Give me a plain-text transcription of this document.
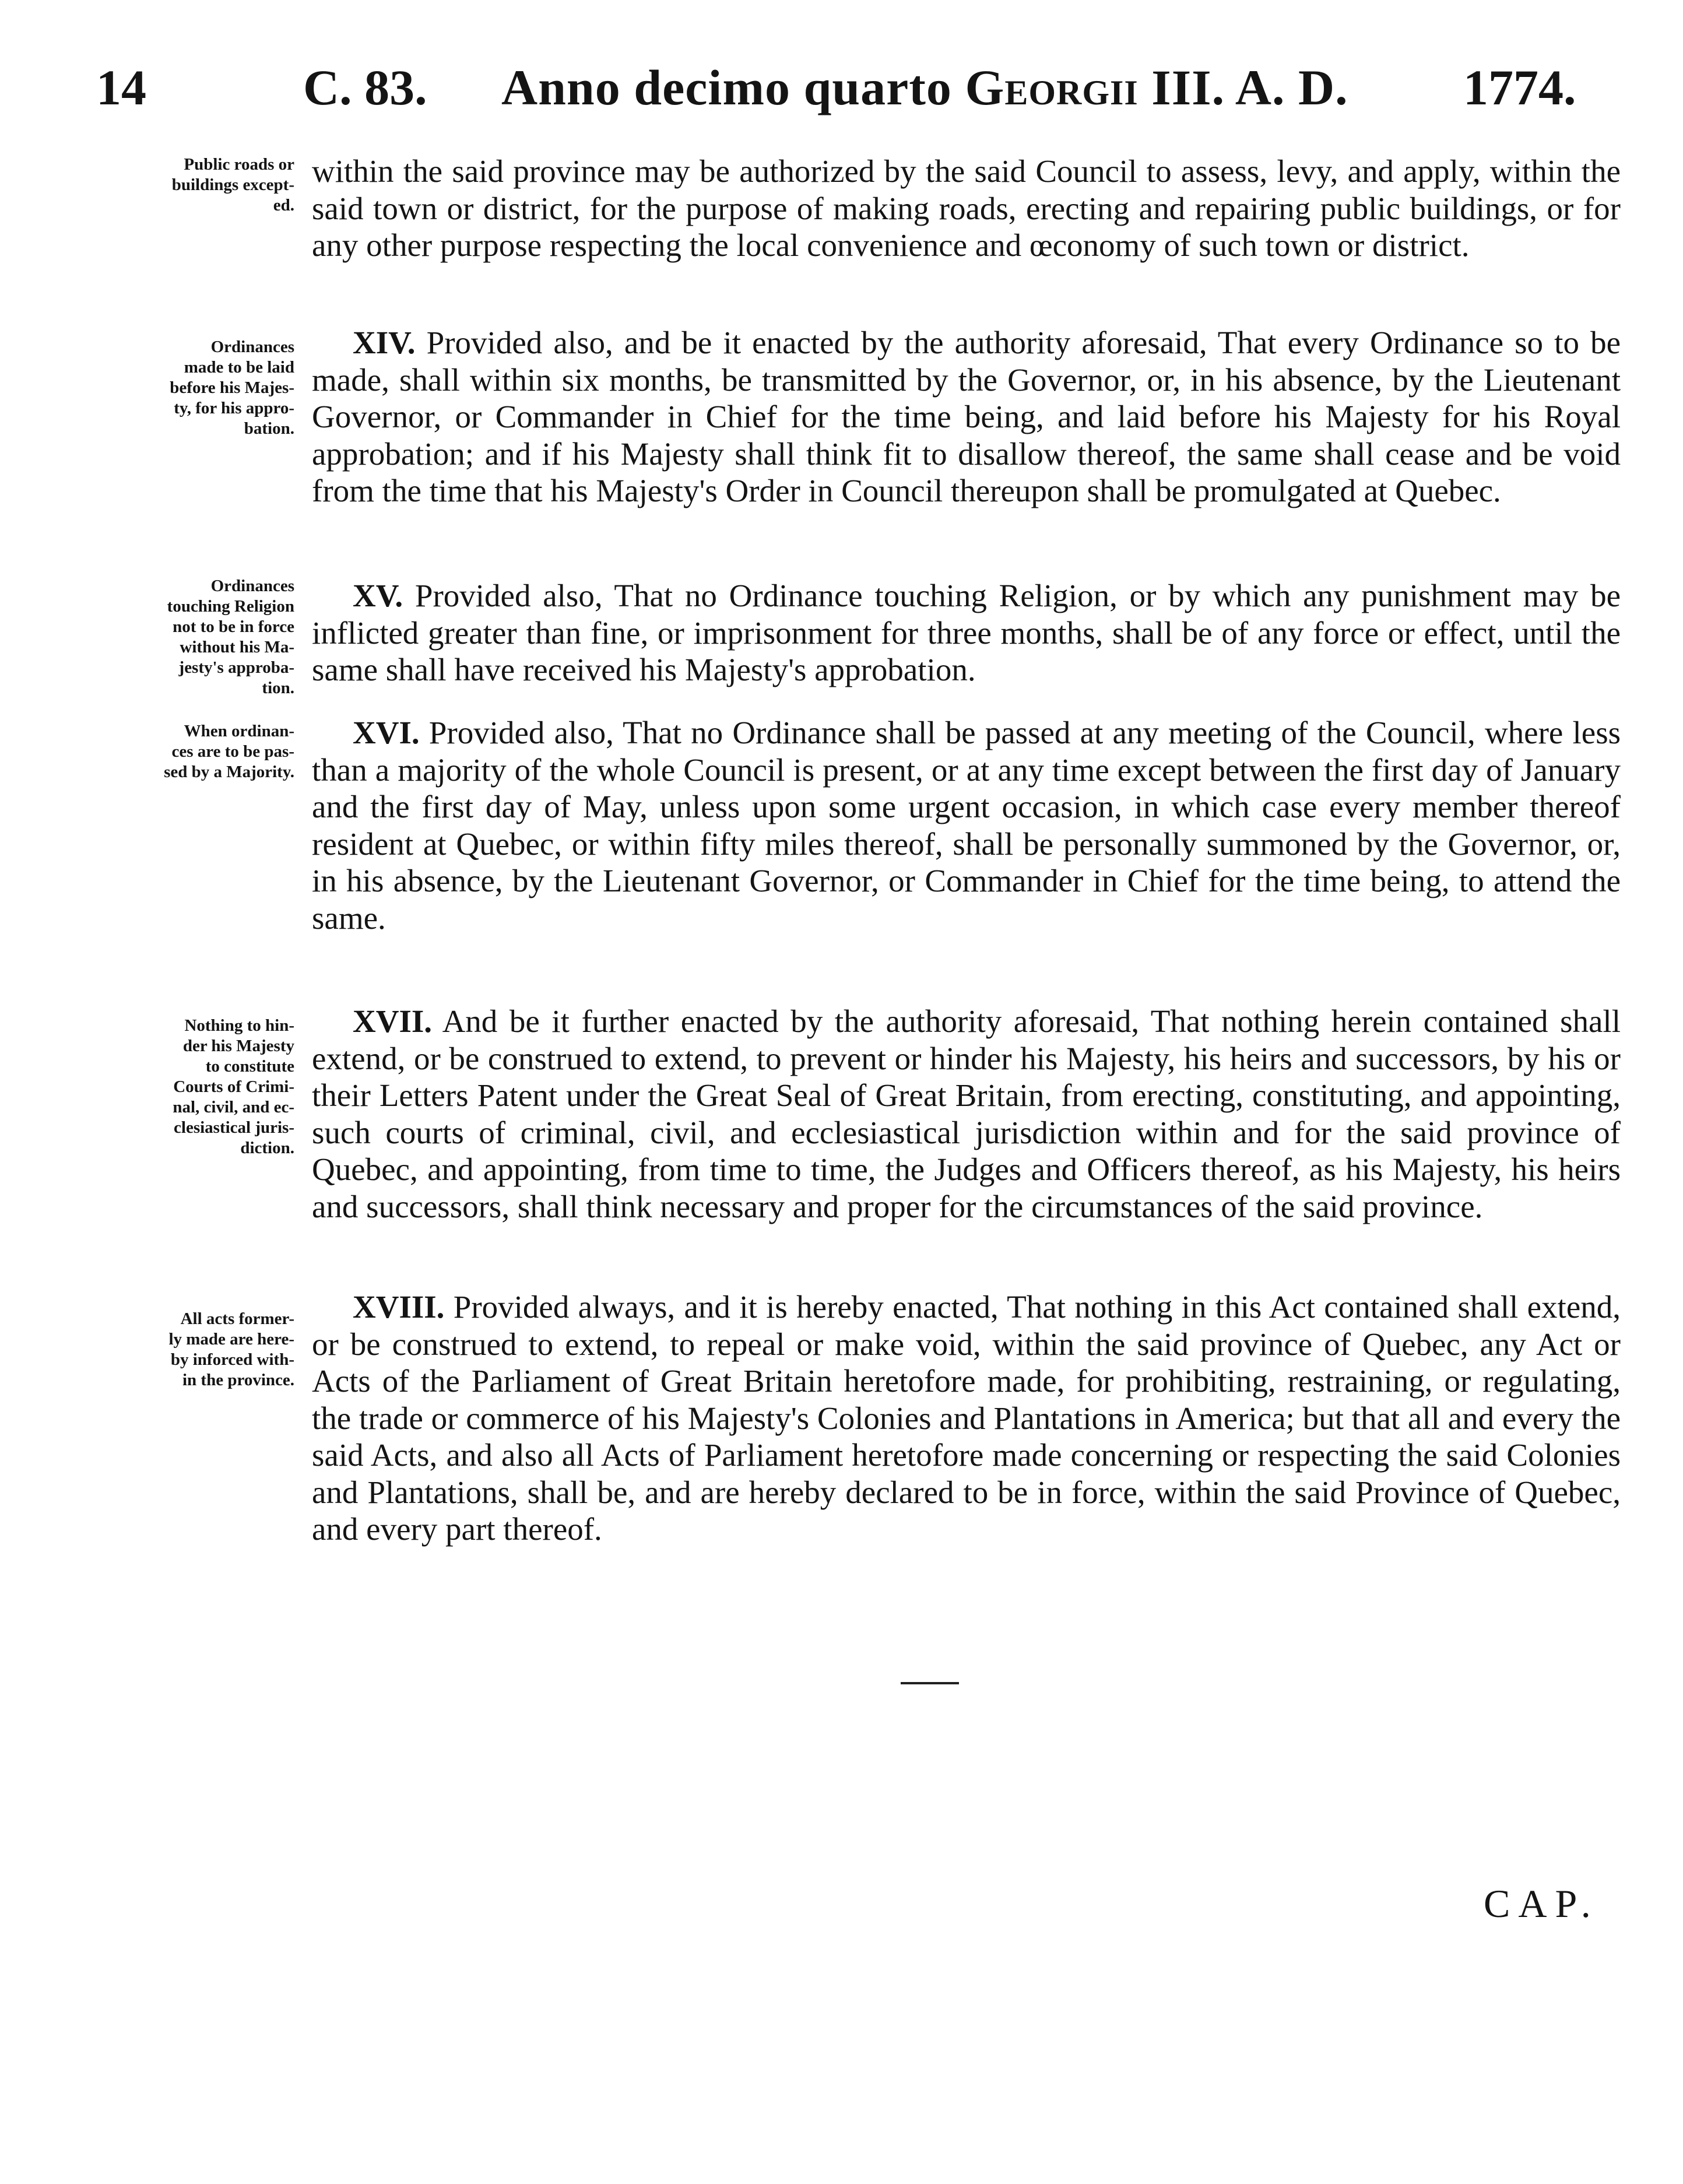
14	C. 83. Anno decimo quarto Georgii III. A. D. 1774.
Public roads or
buildings except-
ed.
within the said province may be authorized by the said Council to assess, levy, and apply, within the said town or district, for the purpose of making roads, erecting and repairing public buildings, or for any other purpose respecting the local convenience and œconomy of such town or district.
Ordinances
made to be laid
before his Majes-
ty, for his appro-
bation.
XIV. Provided also, and be it enacted by the authority aforesaid, That every Ordinance so to be made, shall within six months, be transmitted by the Governor, or, in his absence, by the Lieutenant Governor, or Commander in Chief for the time being, and laid before his Majesty for his Royal approbation; and if his Majesty shall think fit to disallow thereof, the same shall cease and be void from the time that his Majesty's Order in Council thereupon shall be promulgated at Quebec.
Ordinances
touching Religion
not to be in force
without his Ma-
jesty's approba-
tion.
XV. Provided also, That no Ordinance touching Religion, or by which any punishment may be inflicted greater than fine, or imprisonment for three months, shall be of any force or effect, until the same shall have received his Majesty's approbation.
When ordinan-
ces are to be pas-
sed by a Majority.
XVI. Provided also, That no Ordinance shall be passed at any meeting of the Council, where less than a majority of the whole Council is present, or at any time except between the first day of January and the first day of May, unless upon some urgent occasion, in which case every member thereof resident at Quebec, or within fifty miles thereof, shall be personally summoned by the Governor, or, in his absence, by the Lieutenant Governor, or Commander in Chief for the time being, to attend the same.
Nothing to hin-
der his Majesty
to constitute
Courts of Crimi-
nal, civil, and ec-
clesiastical juris-
diction.
XVII. And be it further enacted by the authority aforesaid, That nothing herein contained shall extend, or be construed to extend, to prevent or hinder his Majesty, his heirs and successors, by his or their Letters Patent under the Great Seal of Great Britain, from erecting, constituting, and appointing, such courts of criminal, civil, and ecclesiastical jurisdiction within and for the said province of Quebec, and appointing, from time to time, the Judges and Officers thereof, as his Majesty, his heirs and successors, shall think necessary and proper for the circumstances of the said province.
All acts former-
ly made are here-
by inforced with-
in the province.
XVIII. Provided always, and it is hereby enacted, That nothing in this Act contained shall extend, or be construed to extend, to repeal or make void, within the said province of Quebec, any Act or Acts of the Parliament of Great Britain heretofore made, for prohibiting, restraining, or regulating, the trade or commerce of his Majesty's Colonies and Plantations in America; but that all and every the said Acts, and also all Acts of Parliament heretofore made concerning or respecting the said Colonies and Plantations, shall be, and are hereby declared to be in force, within the said Province of Quebec, and every part thereof.
CAP.
